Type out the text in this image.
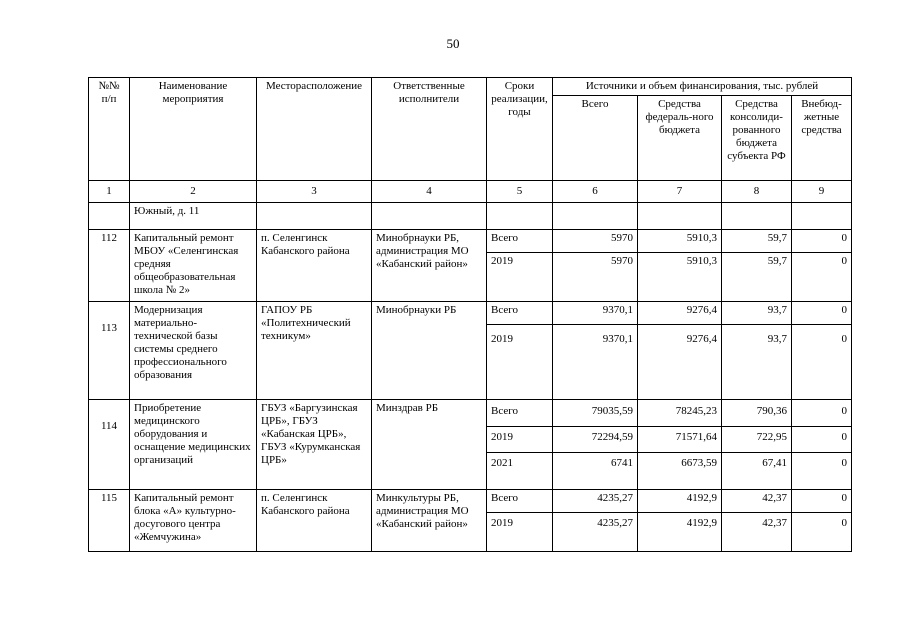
50
№№ п/п	Наименование мероприятия	Месторасположение	Ответственные исполнители	Сроки реализации, годы	Источники и объем финансирования, тыс. рублей			
					Всего	Средства федераль-ного бюджета	Средства консолиди-рованного бюджета субъекта РФ	Внебюд-жетные средства
1	2	3	4	5	6	7	8	9
	Южный, д. 11							
112	Капитальный ремонт МБОУ «Селенгинская средняя общеобразовательная школа № 2»	п. Селенгинск Кабанского района	Минобрнауки РБ, администрация МО «Кабанский район»	Всего	5970	5910,3	59,7	0
				2019	5970	5910,3	59,7	0
113	Модернизация материально-технической базы системы среднего профессионального образования	ГАПОУ РБ «Политехнический техникум»	Минобрнауки РБ	Всего	9370,1	9276,4	93,7	0
				2019	9370,1	9276,4	93,7	0
114	Приобретение медицинского оборудования и оснащение медицинских организаций	ГБУЗ «Баргузинская ЦРБ», ГБУЗ «Кабанская ЦРБ», ГБУЗ «Курумканская ЦРБ»	Минздрав РБ	Всего	79035,59	78245,23	790,36	0
				2019	72294,59	71571,64	722,95	0
				2021	6741	6673,59	67,41	0
115	Капитальный ремонт блока «А» культурно-досугового центра «Жемчужина»	п. Селенгинск Кабанского района	Минкультуры РБ, администрация МО «Кабанский район»	Всего	4235,27	4192,9	42,37	0
				2019	4235,27	4192,9	42,37	0
